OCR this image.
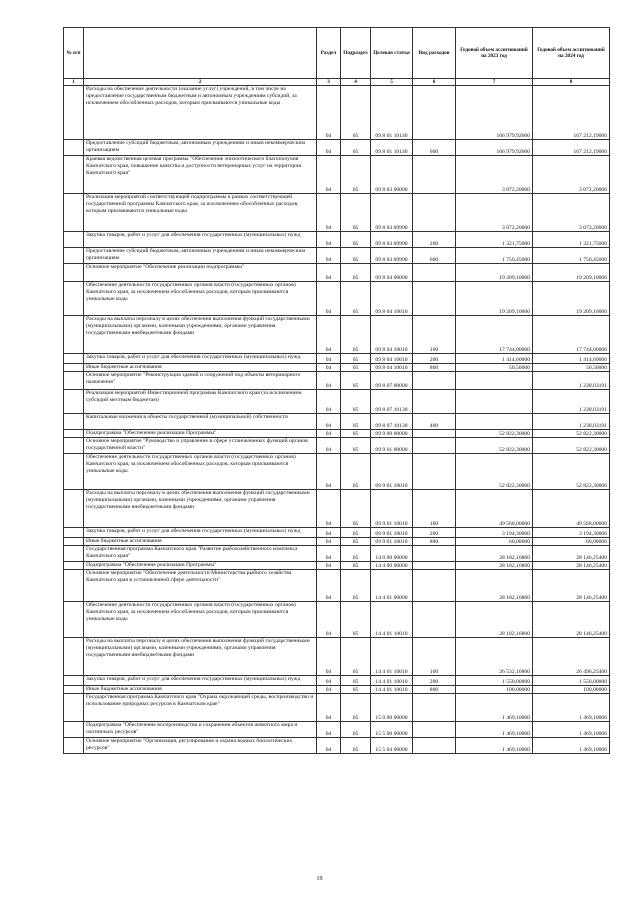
№ п/п		Раздел	Подраздел	Целевая статья	Вид расходов	Годовой объем ассигнований на 2023 год	Годовой объем ассигнований на 2024 год
1	2	3	4	5	6	7	8
	Расходы на обеспечение деятельности (оказание услуг) учреждений, в том числе на предоставление государственным бюджетным и автономным учреждениям субсидий, за исключением обособленных расходов, которым присваиваются уникальные коды	04	05	09 8 01 10140		166 979,92000	167 212,19000
	Предоставление субсидий бюджетным, автономным учреждениям и иным некоммерческим организациям	04	05	09 8 01 10140	600	166 979,92000	167 212,19000
	Краевая ведомственная целевая программа "Обеспечение эпизоотического благополучия Камчатского края, повышение качества и доступности ветеринарных услуг на территории Камчатского края"	04	05	09 8 03 00000		3 072,20000	3 072,20000
	Реализация мероприятий соответствующей подпрограммы в рамках соответствующей государственной программы Камчатского края, за исключением обособленных расходов, которым присваиваются уникальные коды	04	05	09 8 03 09990		3 072,20000	3 072,20000
	Закупка товаров, работ и услуг для обеспечения государственных (муниципальных) нужд	04	05	09 8 03 09990	200	1 321,75000	1 321,75000
	Предоставление субсидий бюджетным, автономным учреждениям и иным некоммерческим организациям	04	05	09 8 03 09990	600	1 750,45000	1 750,45000
	Основное мероприятие "Обеспечение реализации подпрограммы"	04	05	09 8 04 00000		19 209,10000	19 209,10000
	Обеспечение деятельности государственных органов власти (государственных органов) Камчатского края, за исключением обособленных расходов, которым присваиваются уникальные коды	04	05	09 8 04 10010		19 209,10000	19 209,10000
	Расходы на выплаты персоналу в целях обеспечения выполнения функций государственными (муниципальными) органами, казенными учреждениями, органами управления государственными внебюджетными фондами	04	05	09 8 04 10010	100	17 744,00000	17 744,00000
	Закупка товаров, работ и услуг для обеспечения государственных (муниципальных) нужд	04	05	09 8 04 10010	200	1 414,60000	1 414,60000
	Иные бюджетные ассигнования	04	05	09 8 04 10010	800	50,50000	50,50000
	Основное мероприятие "Реконструкция зданий и сооружений под объекты ветеринарного назначения"	04	05	09 8 07 00000			1 238,03191
	Реализация мероприятий Инвестиционной программы Камчатского края (за исключением субсидий местным бюджетам)	04	05	09 8 07 10130			1 238,03191
	Капитальные вложения в объекты государственной (муниципальной) собственности	04	05	09 8 07 10130	400		1 238,03191
	Подпрограмма "Обеспечение реализации Программы"	04	05	09 9 00 00000		52 822,30000	52 822,30000
	Основное мероприятие "Руководство и управление в сфере установленных функций органов государственной власти"	04	05	09 9 01 00000		52 822,30000	52 822,30000
	Обеспечение деятельности государственных органов власти (государственных органов) Камчатского края, за исключением обособленных расходов, которым присваиваются уникальные коды	04	05	09 9 01 10010		52 822,30000	52 822,30000
	Расходы на выплаты персоналу в целях обеспечения выполнения функций государственными (муниципальными) органами, казенными учреждениями, органами управления государственными внебюджетными фондами	04	05	09 9 01 10010	100	49 568,00000	49 568,00000
	Закупка товаров, работ и услуг для обеспечения государственных (муниципальных) нужд	04	05	09 9 01 10010	200	3 194,30000	3 194,30000
	Иные бюджетные ассигнования	04	05	09 9 01 10010	800	60,00000	60,00000
	Государственная программа Камчатского края "Развитие рыбохозяйственного комплекса Камчатского края"	04	05	14 0 00 00000		28 182,16800	28 146,25400
	Подпрограмма "Обеспечение реализации Программы"	04	05	14 4 00 00000		28 182,16800	28 146,25400
	Основное мероприятие "Обеспечение деятельности Министерства рыбного хозяйства Камчатского края в установленной сфере деятельности"	04	05	14 4 01 00000		28 182,16800	28 146,25400
	Обеспечение деятельности государственных органов власти (государственных органов) Камчатского края, за исключением обособленных расходов, которым присваиваются уникальные коды	04	05	14 4 01 10010		28 182,16800	28 146,25400
	Расходы на выплаты персоналу в целях обеспечения выполнения функций государственными (муниципальными) органами, казенными учреждениями, органами управления государственными внебюджетными фондами	04	05	14 4 01 10010	100	26 532,16800	26 496,25400
	Закупка товаров, работ и услуг для обеспечения государственных (муниципальных) нужд	04	05	14 4 01 10010	200	1 550,00000	1 550,00000
	Иные бюджетные ассигнования	04	05	14 4 01 10010	800	100,00000	100,00000
	Государственная программа Камчатского края "Охрана окружающей среды, воспроизводство и использование природных ресурсов в Камчатском крае"	04	05	15 0 00 00000		1 469,10000	1 469,10000
	Подпрограмма "Обеспечение воспроизводства и сохранения объектов животного мира и охотничьих ресурсов"	04	05	15 5 00 00000		1 469,10000	1 469,10000
	Основное мероприятие "Организация, регулирование и охрана водных биологических ресурсов"	04	05	15 5 04 00000		1 469,10000	1 469,10000
19
